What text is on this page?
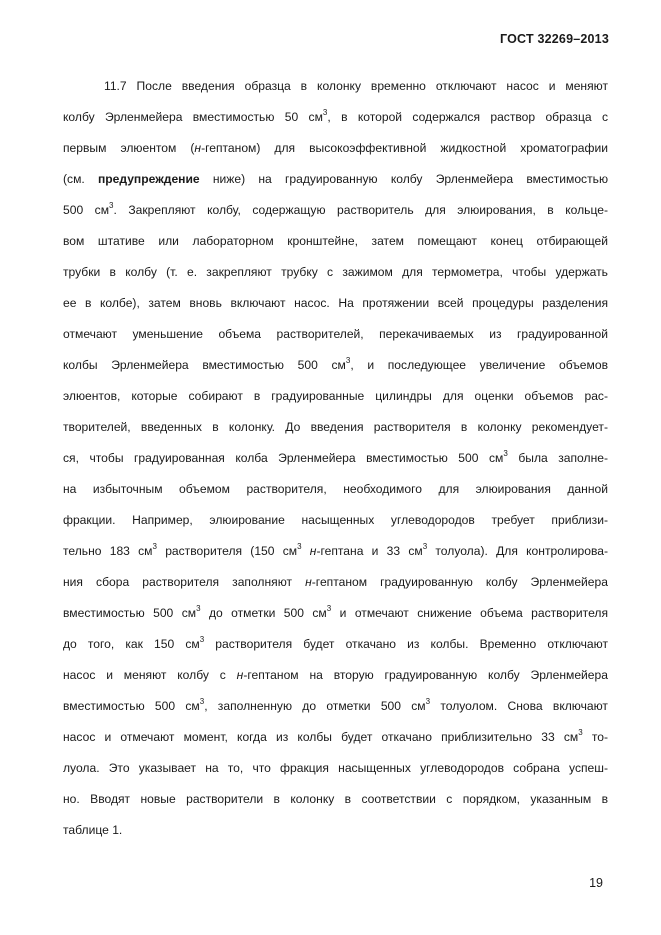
ГОСТ 32269–2013
11.7 После введения образца в колонку временно отключают насос и меняют
колбу Эрленмейера вместимостью 50 $см^3$, в которой содержался раствор образца с
первым элюентом (н-гептаном) для высокоэффективной жидкостной хроматографии
(см. предупреждение ниже) на градуированную колбу Эрленмейера вместимостью
500 $см^3$. Закрепляют колбу, содержащую растворитель для элюирования, в кольце-
вом штативе или лабораторном кронштейне, затем помещают конец отбирающей
трубки в колбу (т. е. закрепляют трубку с зажимом для термометра, чтобы удержать
ее в колбе), затем вновь включают насос. На протяжении всей процедуры разделения
отмечают уменьшение объема растворителей, перекачиваемых из градуированной
колбы Эрленмейера вместимостью 500 $см^3$, и последующее увеличение объемов
элюентов, которые собирают в градуированные цилиндры для оценки объемов рас-
творителей, введенных в колонку. До введения растворителя в колонку рекомендует-
ся, чтобы градуированная колба Эрленмейера вместимостью 500 $см^3$ была заполне-
на избыточным объемом растворителя, необходимого для элюирования данной
фракции. Например, элюирование насыщенных углеводородов требует приблизи-
тельно 183 $см^3$ растворителя (150 $см^3$ н-гептана и 33 $см^3$ толуола). Для контролирова-
ния сбора растворителя заполняют н-гептаном градуированную колбу Эрленмейера
вместимостью 500 $см^3$ до отметки 500 $см^3$ и отмечают снижение объема растворителя
до того, как 150 $см^3$ растворителя будет откачано из колбы. Временно отключают
насос и меняют колбу с н-гептаном на вторую градуированную колбу Эрленмейера
вместимостью 500 $см^3$, заполненную до отметки 500 $см^3$ толуолом. Снова включают
насос и отмечают момент, когда из колбы будет откачано приблизительно 33 $см^3$ то-
луола. Это указывает на то, что фракция насыщенных углеводородов собрана успеш-
но. Вводят новые растворители в колонку в соответствии с порядком, указанным в
таблице 1.
19
